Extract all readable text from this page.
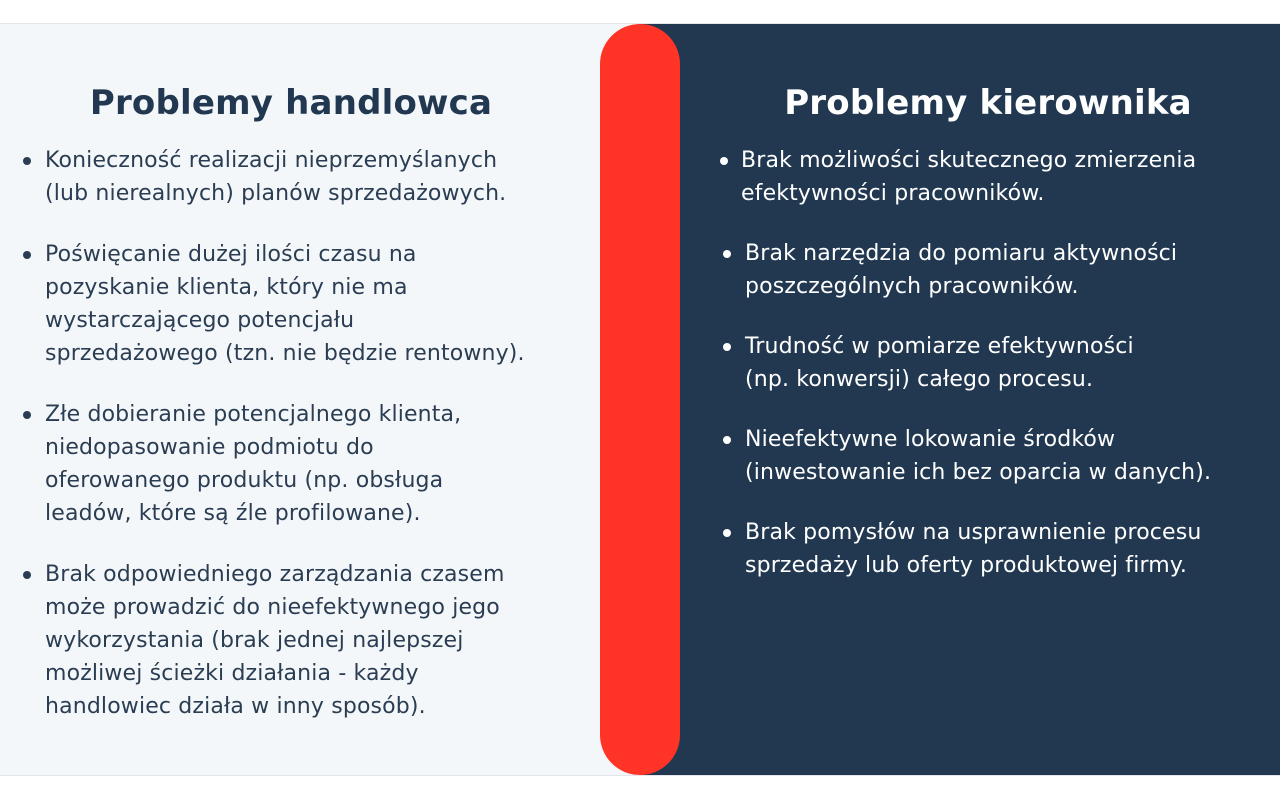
Problemy handlowca	Problemy kierownika
Konieczność realizacji nieprzemyślanych
(lub nierealnych) planów sprzedażowych.
Poświęcanie dużej ilości czasu na
pozyskanie klienta, który nie ma
wystarczającego potencjału
sprzedażowego (tzn. nie będzie rentowny).
Złe dobieranie potencjalnego klienta,
niedopasowanie podmiotu do
oferowanego produktu (np. obsługa
leadów, które są źle profilowane).
Brak odpowiedniego zarządzania czasem
może prowadzić do nieefektywnego jego
wykorzystania (brak jednej najlepszej
możliwej ścieżki działania - każdy
handlowiec działa w inny sposób).
Brak możliwości skutecznego zmierzenia
efektywności pracowników.
Brak narzędzia do pomiaru aktywności
poszczególnych pracowników.
Trudność w pomiarze efektywności
(np. konwersji) całego procesu.
Nieefektywne lokowanie środków
(inwestowanie ich bez oparcia w danych).
Brak pomysłów na usprawnienie procesu
sprzedaży lub oferty produktowej firmy.
